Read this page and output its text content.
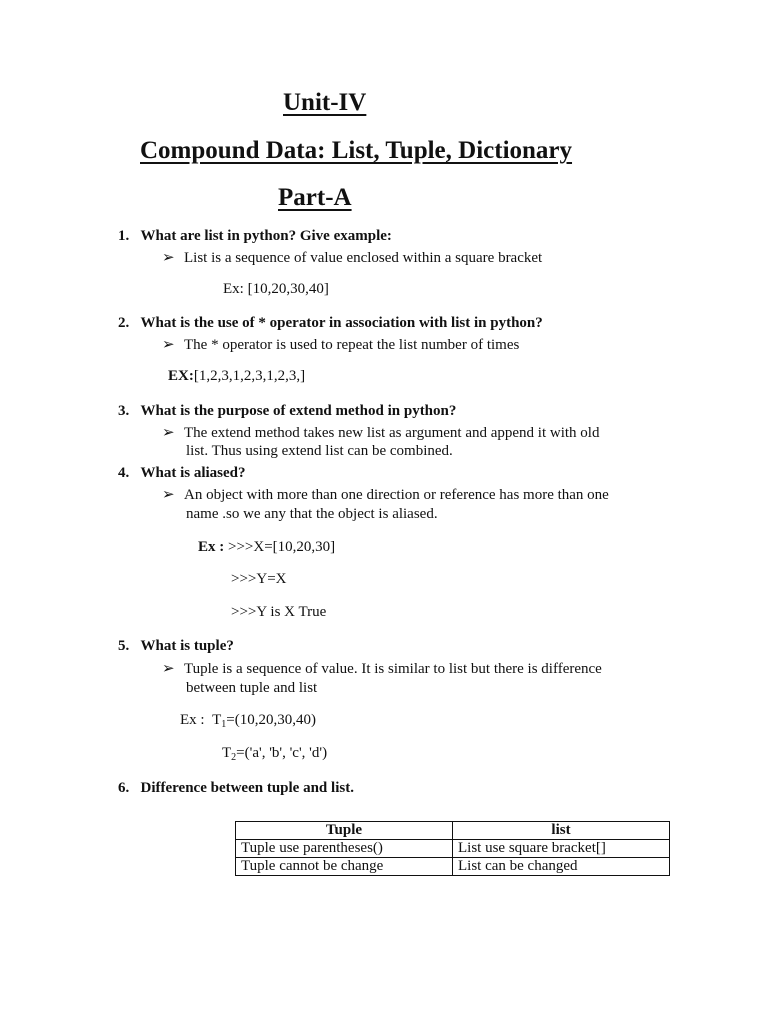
Unit-IV
Compound Data: List, Tuple, Dictionary
Part-A
1. What are list in python? Give example:
➢ List is a sequence of value enclosed within a square bracket
Ex: [10,20,30,40]
2. What is the use of * operator in association with list in python?
➢ The * operator is used to repeat the list number of times
EX:[1,2,3,1,2,3,1,2,3,]
3. What is the purpose of extend method in python?
➢ The extend method takes new list as argument and append it with old
list. Thus using extend list can be combined.
4. What is aliased?
➢ An object with more than one direction or reference has more than one
name .so we any that the object is aliased.
Ex : >>>X=[10,20,30]
>>>Y=X
>>>Y is X True
5. What is tuple?
➢ Tuple is a sequence of value. It is similar to list but there is difference
between tuple and list
Ex : $T_1=(10,20,30,40)$
$T_2=('a'$, 'b', 'c', 'd')
6. Difference between tuple and list.
Tuple	list
Tuple use parentheses()	List use square bracket[]
Tuple cannot be change	List can be changed
